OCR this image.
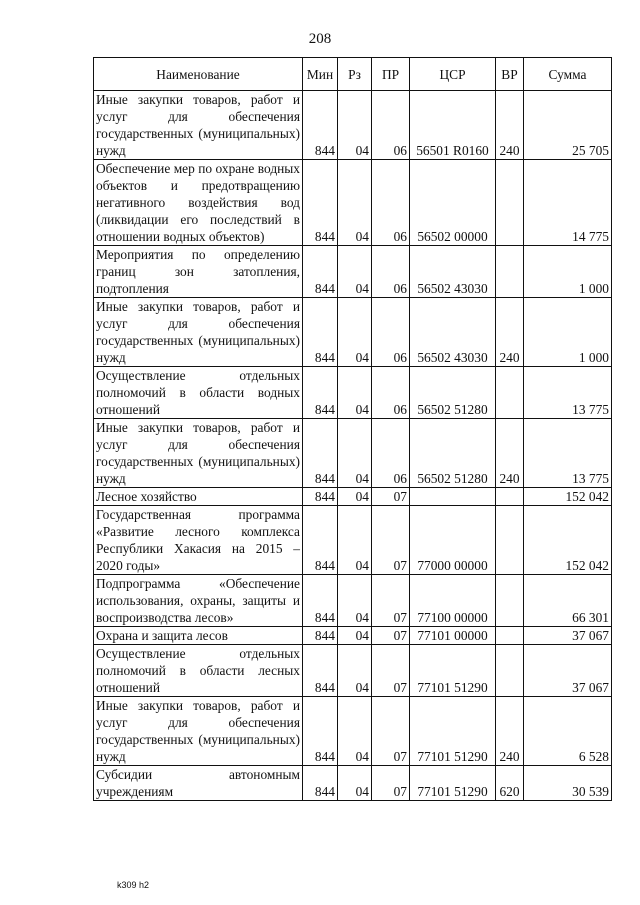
208
Наименование	Мин	Рз	ПР	ЦСР	ВР	Сумма
Иные закупки товаров, работ и услуг для обеспечения государственных (муниципальных) нужд	844	04	06	56501 R0160	240	25 705
Обеспечение мер по охране водных объектов и предотвращению негативного воздействия вод (ликвидации его последствий в отношении водных объектов)	844	04	06	56502 00000		14 775
Мероприятия по определению границ зон затопления, подтопления	844	04	06	56502 43030		1 000
Иные закупки товаров, работ и услуг для обеспечения государственных (муниципальных) нужд	844	04	06	56502 43030	240	1 000
Осуществление отдельных полномочий в области водных отношений	844	04	06	56502 51280		13 775
Иные закупки товаров, работ и услуг для обеспечения государственных (муниципальных) нужд	844	04	06	56502 51280	240	13 775
Лесное хозяйство	844	04	07			152 042
Государственная программа «Развитие лесного комплекса Республики Хакасия на 2015 – 2020 годы»	844	04	07	77000 00000		152 042
Подпрограмма «Обеспечение использования, охраны, защиты и воспроизводства лесов»	844	04	07	77100 00000		66 301
Охрана и защита лесов	844	04	07	77101 00000		37 067
Осуществление отдельных полномочий в области лесных отношений	844	04	07	77101 51290		37 067
Иные закупки товаров, работ и услуг для обеспечения государственных (муниципальных) нужд	844	04	07	77101 51290	240	6 528
Субсидии автономным учреждениям	844	04	07	77101 51290	620	30 539
k309 h2
